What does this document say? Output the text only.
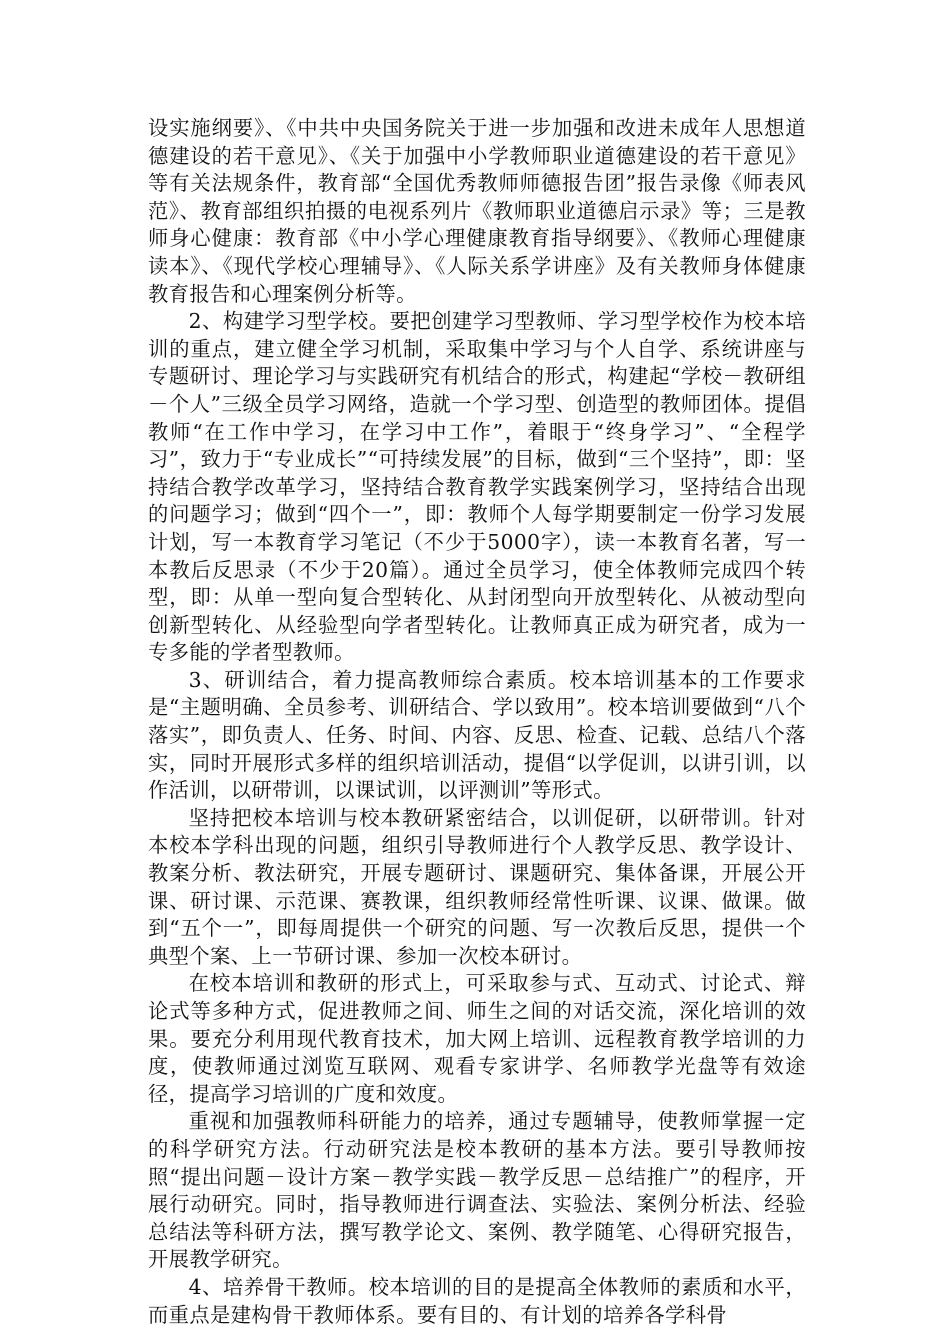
设实施纲要》、《中共中央国务院关于进一步加强和改进未成年人思想道德建设的若干意见》、《关于加强中小学教师职业道德建设的若干意见》等有关法规条件，教育部“全国优秀教师师德报告团”报告录像《师表风范》、教育部组织拍摄的电视系列片《教师职业道德启示录》等；三是教师身心健康：教育部《中小学心理健康教育指导纲要》、《教师心理健康读本》、《现代学校心理辅导》、《人际关系学讲座》及有关教师身体健康教育报告和心理案例分析等。

2、构建学习型学校。要把创建学习型教师、学习型学校作为校本培训的重点，建立健全学习机制，采取集中学习与个人自学、系统讲座与专题研讨、理论学习与实践研究有机结合的形式，构建起“学校－教研组－个人”三级全员学习网络，造就一个学习型、创造型的教师团体。提倡教师“在工作中学习，在学习中工作”，着眼于“终身学习”、“全程学习”，致力于“专业成长”“可持续发展”的目标，做到“三个坚持”，即：坚持结合教学改革学习，坚持结合教育教学实践案例学习，坚持结合出现的问题学习；做到“四个一”，即：教师个人每学期要制定一份学习发展计划，写一本教育学习笔记（不少于5000字），读一本教育名著，写一本教后反思录（不少于20篇）。通过全员学习，使全体教师完成四个转型，即：从单一型向复合型转化、从封闭型向开放型转化、从被动型向创新型转化、从经验型向学者型转化。让教师真正成为研究者，成为一专多能的学者型教师。

3、研训结合，着力提高教师综合素质。校本培训基本的工作要求是“主题明确、全员参考、训研结合、学以致用”。校本培训要做到“八个落实”，即负责人、任务、时间、内容、反思、检查、记载、总结八个落实，同时开展形式多样的组织培训活动，提倡“以学促训，以讲引训，以作活训，以研带训，以课试训，以评测训”等形式。

坚持把校本培训与校本教研紧密结合，以训促研，以研带训。针对本校本学科出现的问题，组织引导教师进行个人教学反思、教学设计、教案分析、教法研究，开展专题研讨、课题研究、集体备课，开展公开课、研讨课、示范课、赛教课，组织教师经常性听课、议课、做课。做到“五个一”，即每周提供一个研究的问题、写一次教后反思，提供一个典型个案、上一节研讨课、参加一次校本研讨。

在校本培训和教研的形式上，可采取参与式、互动式、讨论式、辩论式等多种方式，促进教师之间、师生之间的对话交流，深化培训的效果。要充分利用现代教育技术，加大网上培训、远程教育教学培训的力度，使教师通过浏览互联网、观看专家讲学、名师教学光盘等有效途径，提高学习培训的广度和效度。

重视和加强教师科研能力的培养，通过专题辅导，使教师掌握一定的科学研究方法。行动研究法是校本教研的基本方法。要引导教师按照“提出问题－设计方案－教学实践－教学反思－总结推广”的程序，开展行动研究。同时，指导教师进行调查法、实验法、案例分析法、经验总结法等科研方法，撰写教学论文、案例、教学随笔、心得研究报告，开展教学研究。

4、培养骨干教师。校本培训的目的是提高全体教师的素质和水平，而重点是建构骨干教师体系。要有目的、有计划的培养各学科骨
